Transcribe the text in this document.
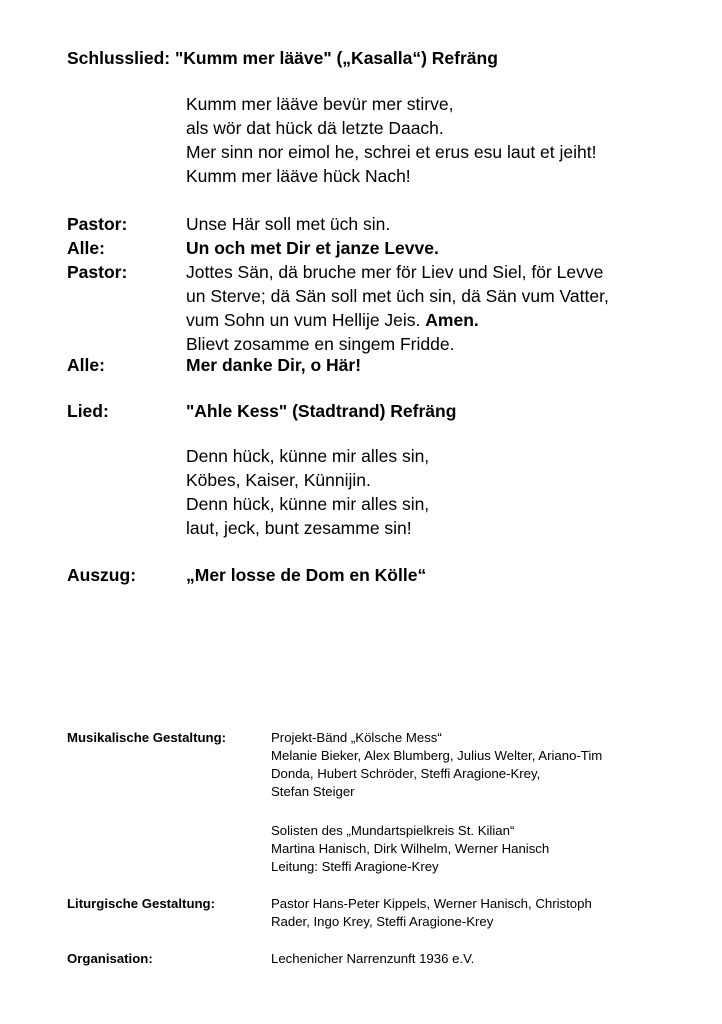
Schlusslied: "Kumm mer lääve" („Kasalla“) Refräng
Kumm mer lääve bevür mer stirve,
als wör dat hück dä letzte Daach.
Mer sinn nor eimol he, schrei et erus esu laut et jeiht!
Kumm mer lääve hück Nach!
Pastor:	Unse Här soll met üch sin.
Alle:	Un och met Dir et janze Levve.
Pastor:	Jottes Sän, dä bruche mer för Liev und Siel, för Levve
un Sterve; dä Sän soll met üch sin, dä Sän vum Vatter,
vum Sohn un vum Hellije Jeis. Amen.
Blievt zosamme en singem Fridde.
Alle:	Mer danke Dir, o Här!
Lied:	"Ahle Kess" (Stadtrand) Refräng
Denn hück, künne mir alles sin,
Köbes, Kaiser, Künnijin.
Denn hück, künne mir alles sin,
laut, jeck, bunt zesamme sin!
Auszug:	„Mer losse de Dom en Kölle“
Musikalische Gestaltung:	Projekt-Bänd „Kölsche Mess“
Melanie Bieker, Alex Blumberg, Julius Welter, Ariano-Tim
Donda, Hubert Schröder, Steffi Aragione-Krey,
Stefan Steiger
Solisten des „Mundartspielkreis St. Kilian“
Martina Hanisch, Dirk Wilhelm, Werner Hanisch
Leitung: Steffi Aragione-Krey
Liturgische Gestaltung:	Pastor Hans-Peter Kippels, Werner Hanisch, Christoph
Rader, Ingo Krey, Steffi Aragione-Krey
Organisation:	Lechenicher Narrenzunft 1936 e.V.
